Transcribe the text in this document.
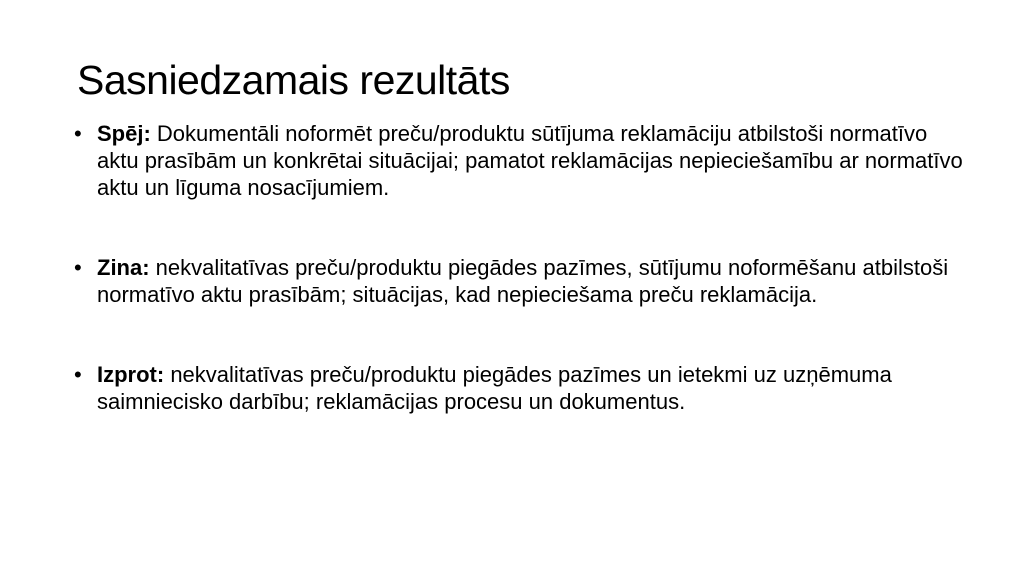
Sasniedzamais rezultāts
• Spēj: Dokumentāli noformēt preču/produktu sūtījuma reklamāciju atbilstoši normatīvo aktu prasībām un konkrētai situācijai; pamatot reklamācijas nepieciešamību ar normatīvo aktu un līguma nosacījumiem.
• Zina: nekvalitatīvas preču/produktu piegādes pazīmes, sūtījumu noformēšanu atbilstoši normatīvo aktu prasībām; situācijas, kad nepieciešama preču reklamācija.
• Izprot: nekvalitatīvas preču/produktu piegādes pazīmes un ietekmi uz uzņēmuma saimniecisko darbību; reklamācijas procesu un dokumentus.
